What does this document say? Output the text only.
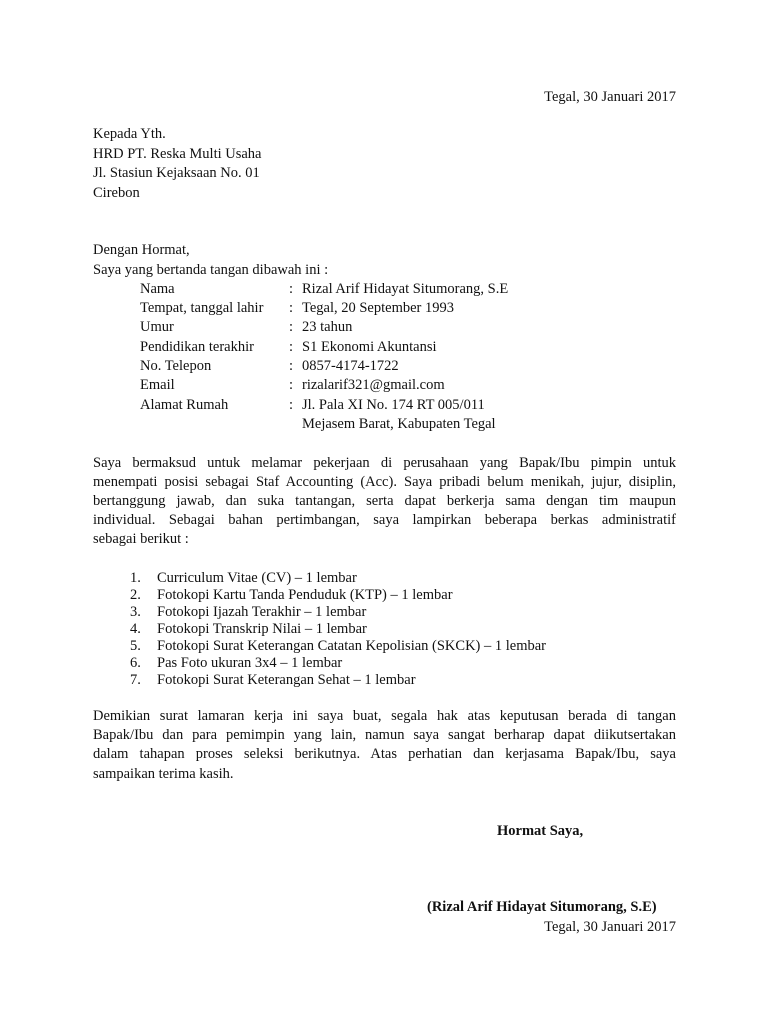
Tegal, 30 Januari 2017
Kepada Yth.
HRD PT. Reska Multi Usaha
Jl. Stasiun Kejaksaan No. 01
Cirebon
Dengan Hormat,
Saya yang bertanda tangan dibawah ini :
Nama	: Rizal Arif Hidayat Situmorang, S.E
Tempat, tanggal lahir : Tegal, 20 September 1993
Umur	: 23 tahun
Pendidikan terakhir : S1 Ekonomi Akuntansi
No. Telepon	: 0857-4174-1722
Email	: rizalarif321@gmail.com
Alamat Rumah	: Jl. Pala XI No. 174 RT 005/011
Mejasem Barat, Kabupaten Tegal
Saya bermaksud untuk melamar pekerjaan di perusahaan yang Bapak/Ibu pimpin untuk
menempati posisi sebagai Staf Accounting (Acc). Saya pribadi belum menikah, jujur, disiplin,
bertanggung jawab, dan suka tantangan, serta dapat berkerja sama dengan tim maupun
individual. Sebagai bahan pertimbangan, saya lampirkan beberapa berkas administratif
sebagai berikut :
1. Curriculum Vitae (CV) – 1 lembar
2. Fotokopi Kartu Tanda Penduduk (KTP) – 1 lembar
3. Fotokopi Ijazah Terakhir – 1 lembar
4. Fotokopi Transkrip Nilai – 1 lembar
5. Fotokopi Surat Keterangan Catatan Kepolisian (SKCK) – 1 lembar
6. Pas Foto ukuran 3x4 – 1 lembar
7. Fotokopi Surat Keterangan Sehat – 1 lembar
Demikian surat lamaran kerja ini saya buat, segala hak atas keputusan berada di tangan
Bapak/Ibu dan para pemimpin yang lain, namun saya sangat berharap dapat diikutsertakan
dalam tahapan proses seleksi berikutnya. Atas perhatian dan kerjasama Bapak/Ibu, saya
sampaikan terima kasih.
Hormat Saya,
(Rizal Arif Hidayat Situmorang, S.E)
Tegal, 30 Januari 2017
